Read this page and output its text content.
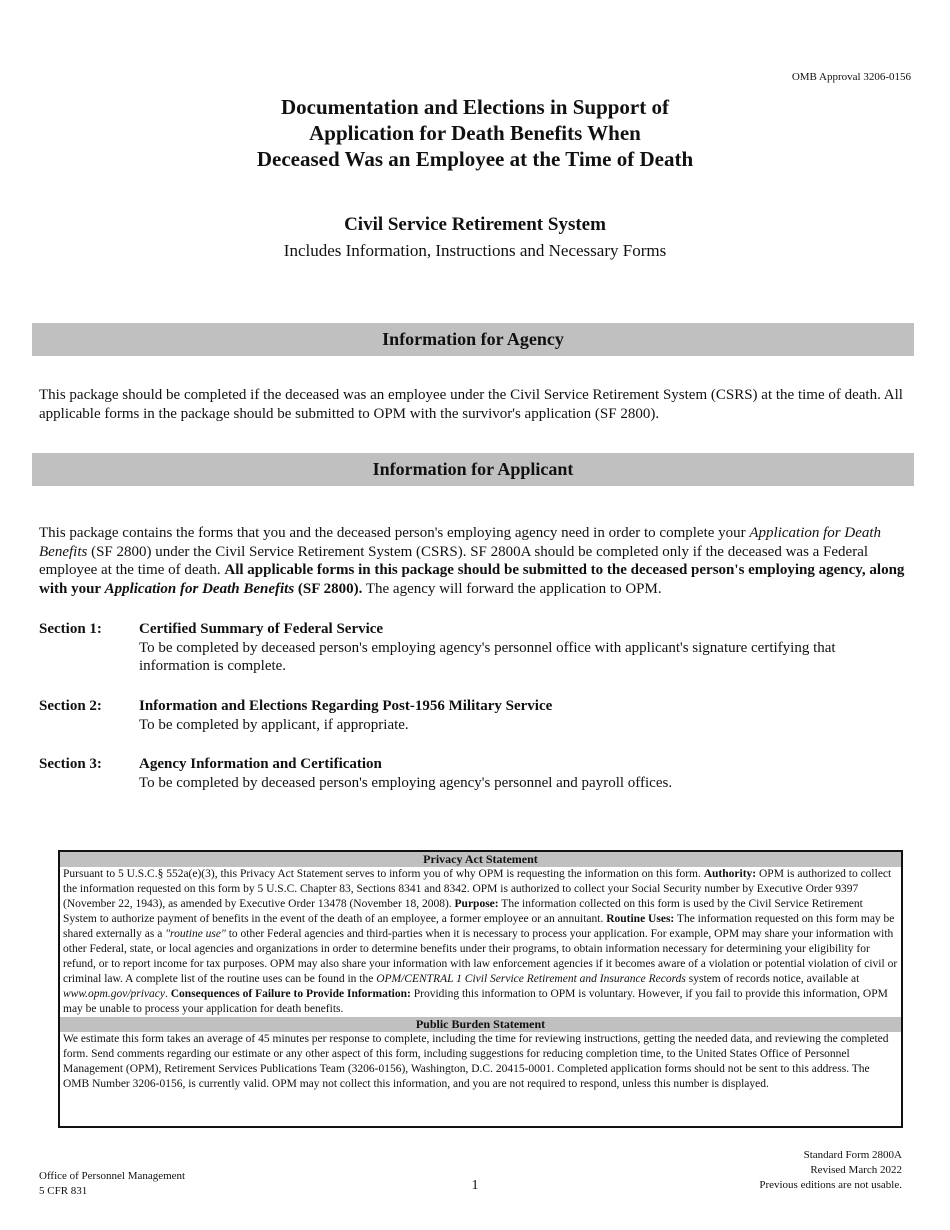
OMB Approval 3206-0156
Documentation and Elections in Support of
Application for Death Benefits When
Deceased Was an Employee at the Time of Death
Civil Service Retirement System
Includes Information, Instructions and Necessary Forms
Information for Agency
This package should be completed if the deceased was an employee under the Civil Service Retirement System (CSRS) at the time of death. All applicable forms in the package should be submitted to OPM with the survivor's application (SF 2800).
Information for Applicant
This package contains the forms that you and the deceased person's employing agency need in order to complete your Application for Death Benefits (SF 2800) under the Civil Service Retirement System (CSRS). SF 2800A should be completed only if the deceased was a Federal employee at the time of death. All applicable forms in this package should be submitted to the deceased person's employing agency, along with your Application for Death Benefits (SF 2800). The agency will forward the application to OPM.
Section 1: Certified Summary of Federal Service
To be completed by deceased person's employing agency's personnel office with applicant's signature certifying that information is complete.
Section 2: Information and Elections Regarding Post-1956 Military Service
To be completed by applicant, if appropriate.
Section 3: Agency Information and Certification
To be completed by deceased person's employing agency's personnel and payroll offices.
Privacy Act Statement
Pursuant to 5 U.S.C.§ 552a(e)(3), this Privacy Act Statement serves to inform you of why OPM is requesting the information on this form. Authority: OPM is authorized to collect the information requested on this form by 5 U.S.C. Chapter 83, Sections 8341 and 8342. OPM is authorized to collect your Social Security number by Executive Order 9397 (November 22, 1943), as amended by Executive Order 13478 (November 18, 2008). Purpose: The information collected on this form is used by the Civil Service Retirement System to authorize payment of benefits in the event of the death of an employee, a former employee or an annuitant. Routine Uses: The information requested on this form may be shared externally as a "routine use" to other Federal agencies and third-parties when it is necessary to process your application. For example, OPM may share your information with other Federal, state, or local agencies and organizations in order to determine benefits under their programs, to obtain information necessary for determining your eligibility for refund, or to report income for tax purposes. OPM may also share your information with law enforcement agencies if it becomes aware of a violation or potential violation of civil or criminal law. A complete list of the routine uses can be found in the OPM/CENTRAL 1 Civil Service Retirement and Insurance Records system of records notice, available at www.opm.gov/privacy. Consequences of Failure to Provide Information: Providing this information to OPM is voluntary. However, if you fail to provide this information, OPM may be unable to process your application for death benefits.
Public Burden Statement
We estimate this form takes an average of 45 minutes per response to complete, including the time for reviewing instructions, getting the needed data, and reviewing the completed form. Send comments regarding our estimate or any other aspect of this form, including suggestions for reducing completion time, to the United States Office of Personnel Management (OPM), Retirement Services Publications Team (3206-0156), Washington, D.C. 20415-0001. Completed application forms should not be sent to this address. The OMB Number 3206-0156, is currently valid. OPM may not collect this information, and you are not required to respond, unless this number is displayed.
Office of Personnel Management
5 CFR 831	1
Standard Form 2800A
Revised March 2022
Previous editions are not usable.
